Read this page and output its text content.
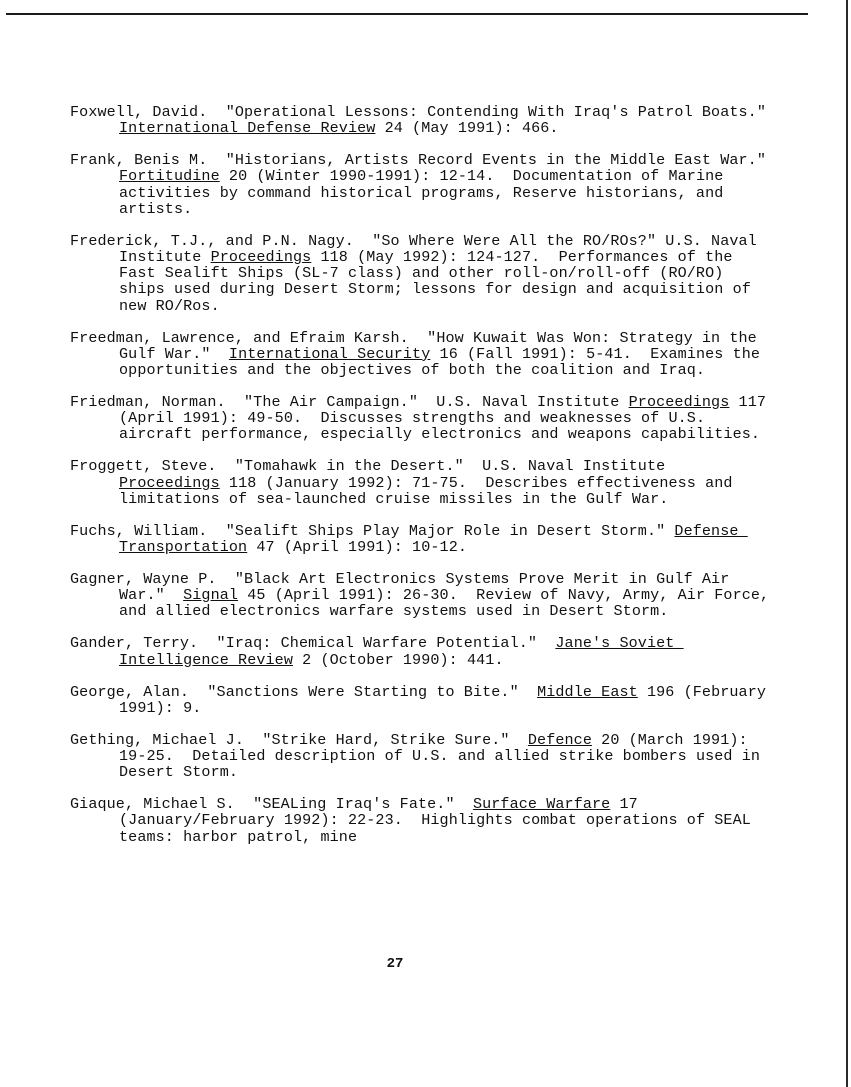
Foxwell, David.  "Operational Lessons: Contending With Iraq's Patrol Boats."  International Defense Review 24 (May 1991): 466.

Frank, Benis M.  "Historians, Artists Record Events in the Middle East War."  Fortitudine 20 (Winter 1990-1991): 12-14.  Documentation of Marine activities by command historical programs, Reserve historians, and artists.

Frederick, T.J., and P.N. Nagy.  "So Where Were All the RO/ROs?" U.S. Naval Institute Proceedings 118 (May 1992): 124-127.  Performances of the Fast Sealift Ships (SL-7 class) and other roll-on/roll-off (RO/RO) ships used during Desert Storm; lessons for design and acquisition of new RO/Ros.

Freedman, Lawrence, and Efraim Karsh.  "How Kuwait Was Won: Strategy in the Gulf War."  International Security 16 (Fall 1991): 5-41.  Examines the opportunities and the objectives of both the coalition and Iraq.

Friedman, Norman.  "The Air Campaign."  U.S. Naval Institute Proceedings 117 (April 1991): 49-50.  Discusses strengths and weaknesses of U.S. aircraft performance, especially electronics and weapons capabilities.

Froggett, Steve.  "Tomahawk in the Desert."  U.S. Naval Institute Proceedings 118 (January 1992): 71-75.  Describes effectiveness and limitations of sea-launched cruise missiles in the Gulf War.

Fuchs, William.  "Sealift Ships Play Major Role in Desert Storm." Defense Transportation 47 (April 1991): 10-12.

Gagner, Wayne P.  "Black Art Electronics Systems Prove Merit in Gulf Air War."  Signal 45 (April 1991): 26-30.  Review of Navy, Army, Air Force, and allied electronics warfare systems used in Desert Storm.

Gander, Terry.  "Iraq: Chemical Warfare Potential."  Jane's Soviet Intelligence Review 2 (October 1990): 441.

George, Alan.  "Sanctions Were Starting to Bite."  Middle East 196 (February 1991): 9.

Gething, Michael J.  "Strike Hard, Strike Sure."  Defence 20 (March 1991): 19-25.  Detailed description of U.S. and allied strike bombers used in Desert Storm.

Giaque, Michael S.  "SEALing Iraq's Fate."  Surface Warfare 17 (January/February 1992): 22-23.  Highlights combat operations of SEAL teams: harbor patrol, mine

27
